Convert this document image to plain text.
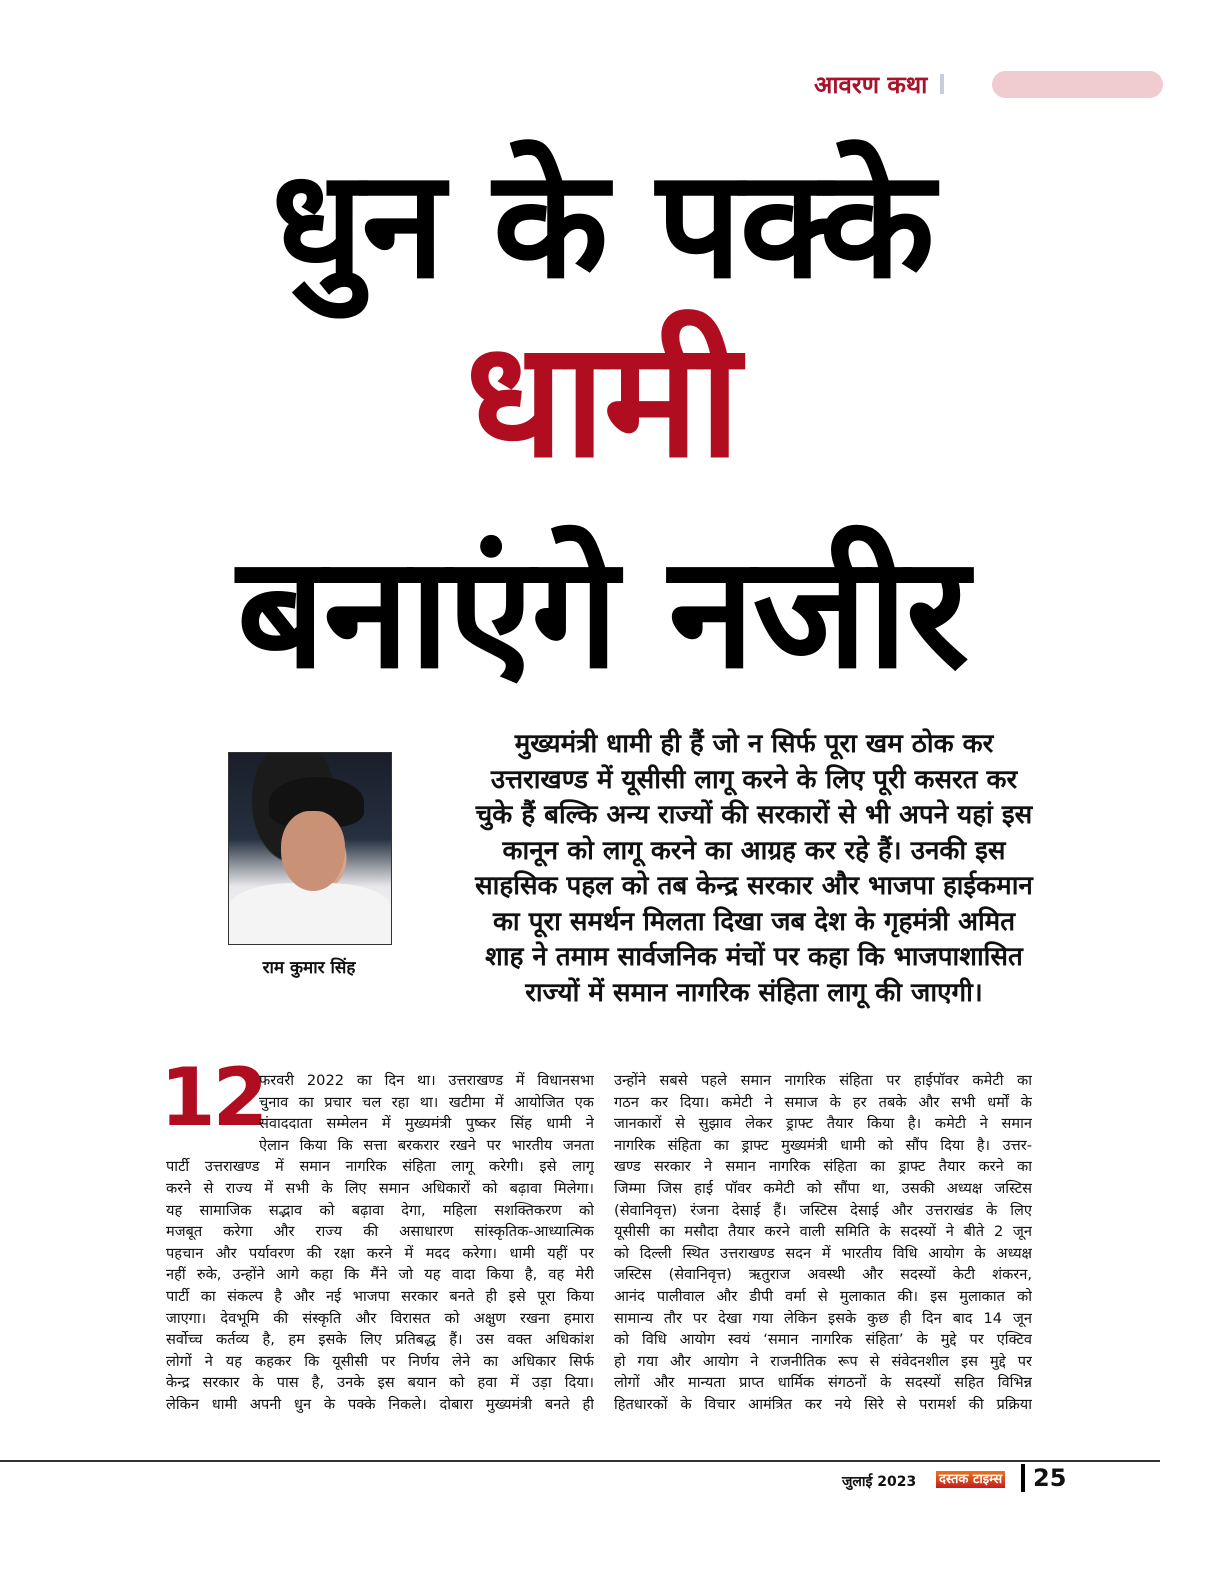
आवरण कथा
धुन के पक्के
धामी
बनाएंगे नजीर
राम कुमार सिंह
मुख्यमंत्री धामी ही हैं जो न सिर्फ पूरा खम ठोक कर उत्तराखण्ड में यूसीसी लागू करने के लिए पूरी कसरत कर चुके हैं बल्कि अन्य राज्यों की सरकारों से भी अपने यहां इस कानून को लागू करने का आग्रह कर रहे हैं। उनकी इस साहसिक पहल को तब केन्द्र सरकार और भाजपा हाईकमान का पूरा समर्थन मिलता दिखा जब देश के गृहमंत्री अमित शाह ने तमाम सार्वजनिक मंचों पर कहा कि भाजपाशासित राज्यों में समान नागरिक संहिता लागू की जाएगी।
12
फरवरी 2022 का दिन था। उत्तराखण्ड में विधानसभा
चुनाव का प्रचार चल रहा था। खटीमा में आयोजित एक
संवाददाता सम्मेलन में मुख्यमंत्री पुष्कर सिंह धामी ने
ऐलान किया कि सत्ता बरकरार रखने पर भारतीय जनता
पार्टी उत्तराखण्ड में समान नागरिक संहिता लागू करेगी। इसे लागू
करने से राज्य में सभी के लिए समान अधिकारों को बढ़ावा मिलेगा।
यह सामाजिक सद्भाव को बढ़ावा देगा, महिला सशक्तिकरण को
मजबूत करेगा और राज्य की असाधारण सांस्कृतिक-आध्यात्मिक
पहचान और पर्यावरण की रक्षा करने में मदद करेगा। धामी यहीं पर
नहीं रुके, उन्होंने आगे कहा कि मैंने जो यह वादा किया है, वह मेरी
पार्टी का संकल्प है और नई भाजपा सरकार बनते ही इसे पूरा किया
जाएगा। देवभूमि की संस्कृति और विरासत को अक्षुण रखना हमारा
सर्वोच्च कर्तव्य है, हम इसके लिए प्रतिबद्ध हैं। उस वक्त अधिकांश
लोगों ने यह कहकर कि यूसीसी पर निर्णय लेने का अधिकार सिर्फ
केन्द्र सरकार के पास है, उनके इस बयान को हवा में उड़ा दिया।
लेकिन धामी अपनी धुन के पक्के निकले। दोबारा मुख्यमंत्री बनते ही
उन्होंने सबसे पहले समान नागरिक संहिता पर हाईपॉवर कमेटी का
गठन कर दिया। कमेटी ने समाज के हर तबके और सभी धर्मों के
जानकारों से सुझाव लेकर ड्राफ्ट तैयार किया है। कमेटी ने समान
नागरिक संहिता का ड्राफ्ट मुख्यमंत्री धामी को सौंप दिया है। उत्तर-
खण्ड सरकार ने समान नागरिक संहिता का ड्राफ्ट तैयार करने का
जिम्मा जिस हाई पॉवर कमेटी को सौंपा था, उसकी अध्यक्ष जस्टिस
(सेवानिवृत्त) रंजना देसाई हैं। जस्टिस देसाई और उत्तराखंड के लिए
यूसीसी का मसौदा तैयार करने वाली समिति के सदस्यों ने बीते 2 जून
को दिल्ली स्थित उत्तराखण्ड सदन में भारतीय विधि आयोग के अध्यक्ष
जस्टिस (सेवानिवृत्त) ऋतुराज अवस्थी और सदस्यों केटी शंकरन,
आनंद पालीवाल और डीपी वर्मा से मुलाकात की। इस मुलाकात को
सामान्य तौर पर देखा गया लेकिन इसके कुछ ही दिन बाद 14 जून
को विधि आयोग स्वयं ‘समान नागरिक संहिता’ के मुद्दे पर एक्टिव
हो गया और आयोग ने राजनीतिक रूप से संवेदनशील इस मुद्दे पर
लोगों और मान्यता प्राप्त धार्मिक संगठनों के सदस्यों सहित विभिन्न
हितधारकों के विचार आमंत्रित कर नये सिरे से परामर्श की प्रक्रिया
जुलाई 2023 दस्तक टाइम्स 25
